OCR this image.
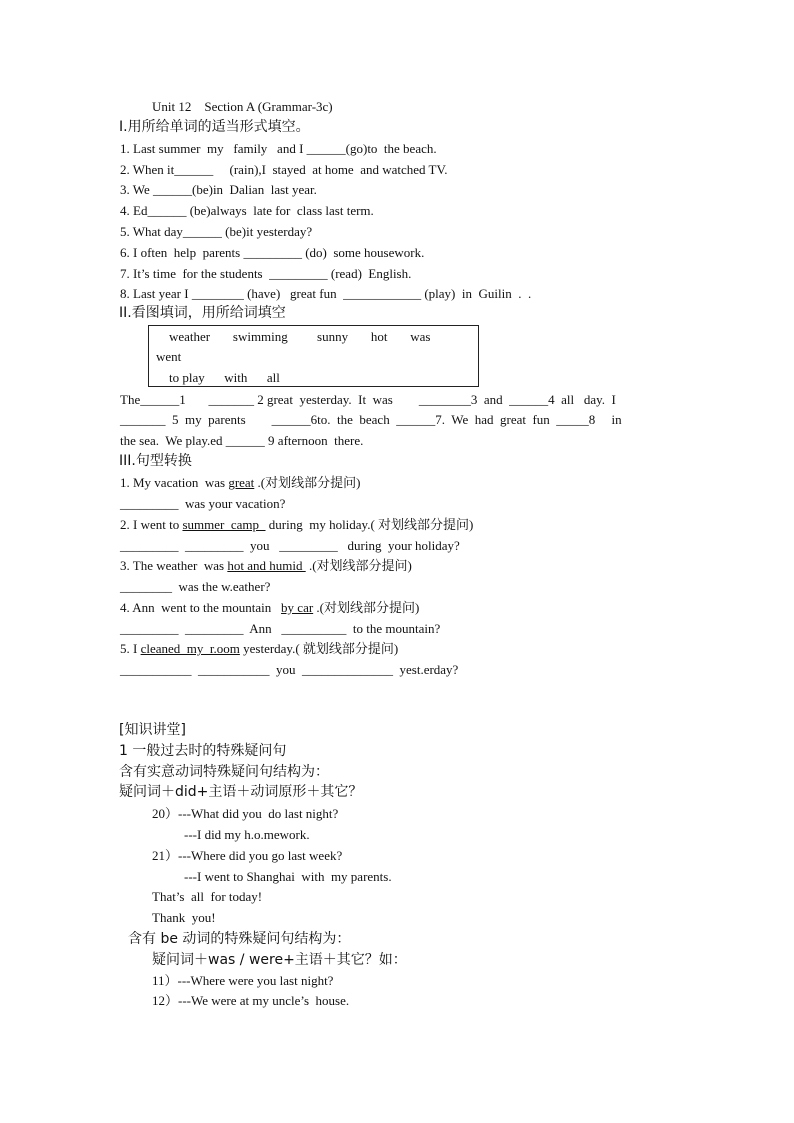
Unit 12    Section A (Grammar-3c)
I.用所给单词的适当形式填空。
1. Last summer  my   family   and I ______(go)to  the beach.
2. When it______     (rain),I  stayed  at home  and watched TV.
3. We ______(be)in  Dalian  last year.
4. Ed______ (be)always  late for  class last term.
5. What day______ (be)it yesterday?
6. I often  help  parents _________ (do)  some housework.
7. It’s time  for the students  _________ (read)  English.
8. Last year I ________ (have)   great fun  ____________ (play)  in  Guilin  .  .
II.看图填词，用所给词填空
weather       swimming         sunny       hot       was
went
to play      with      all
The______1       _______ 2 great  yesterday.  It  was        ________3  and  ______4  all   day.  I
_______  5  my  parents        ______6to.  the  beach  ______7.  We  had  great  fun  _____8     in
the sea.  We play.ed ______ 9 afternoon  there.
III.句型转换
1. My vacation  was great .(对划线部分提问)
_________  was your vacation?
2. I went to summer  camp   during  my holiday.( 对划线部分提问)
_________  _________  you   _________   during  your holiday?
3. The weather  was hot and humid  .(对划线部分提问)
________  was the w.eather?
4. Ann  went to the mountain   by car .(对划线部分提问)
_________  _________  Ann   __________  to the mountain?
5. I cleaned  my  r.oom yesterday.( 就划线部分提问)
___________  ___________  you  ______________  yest.erday?
[知识讲堂]
1 一般过去时的特殊疑问句
含有实意动词特殊疑问句结构为：
疑问词＋did+主语＋动词原形＋其它？
20）---What did you  do last night?
---I did my h.o.mework.
21）---Where did you go last week?
---I went to Shanghai  with  my parents.
That’s  all  for today!
Thank  you!
含有 be 动词的特殊疑问句结构为：
疑问词＋was / were+主语＋其它？如：
11）---Where were you last night?
12）---We were at my uncle’s  house.
